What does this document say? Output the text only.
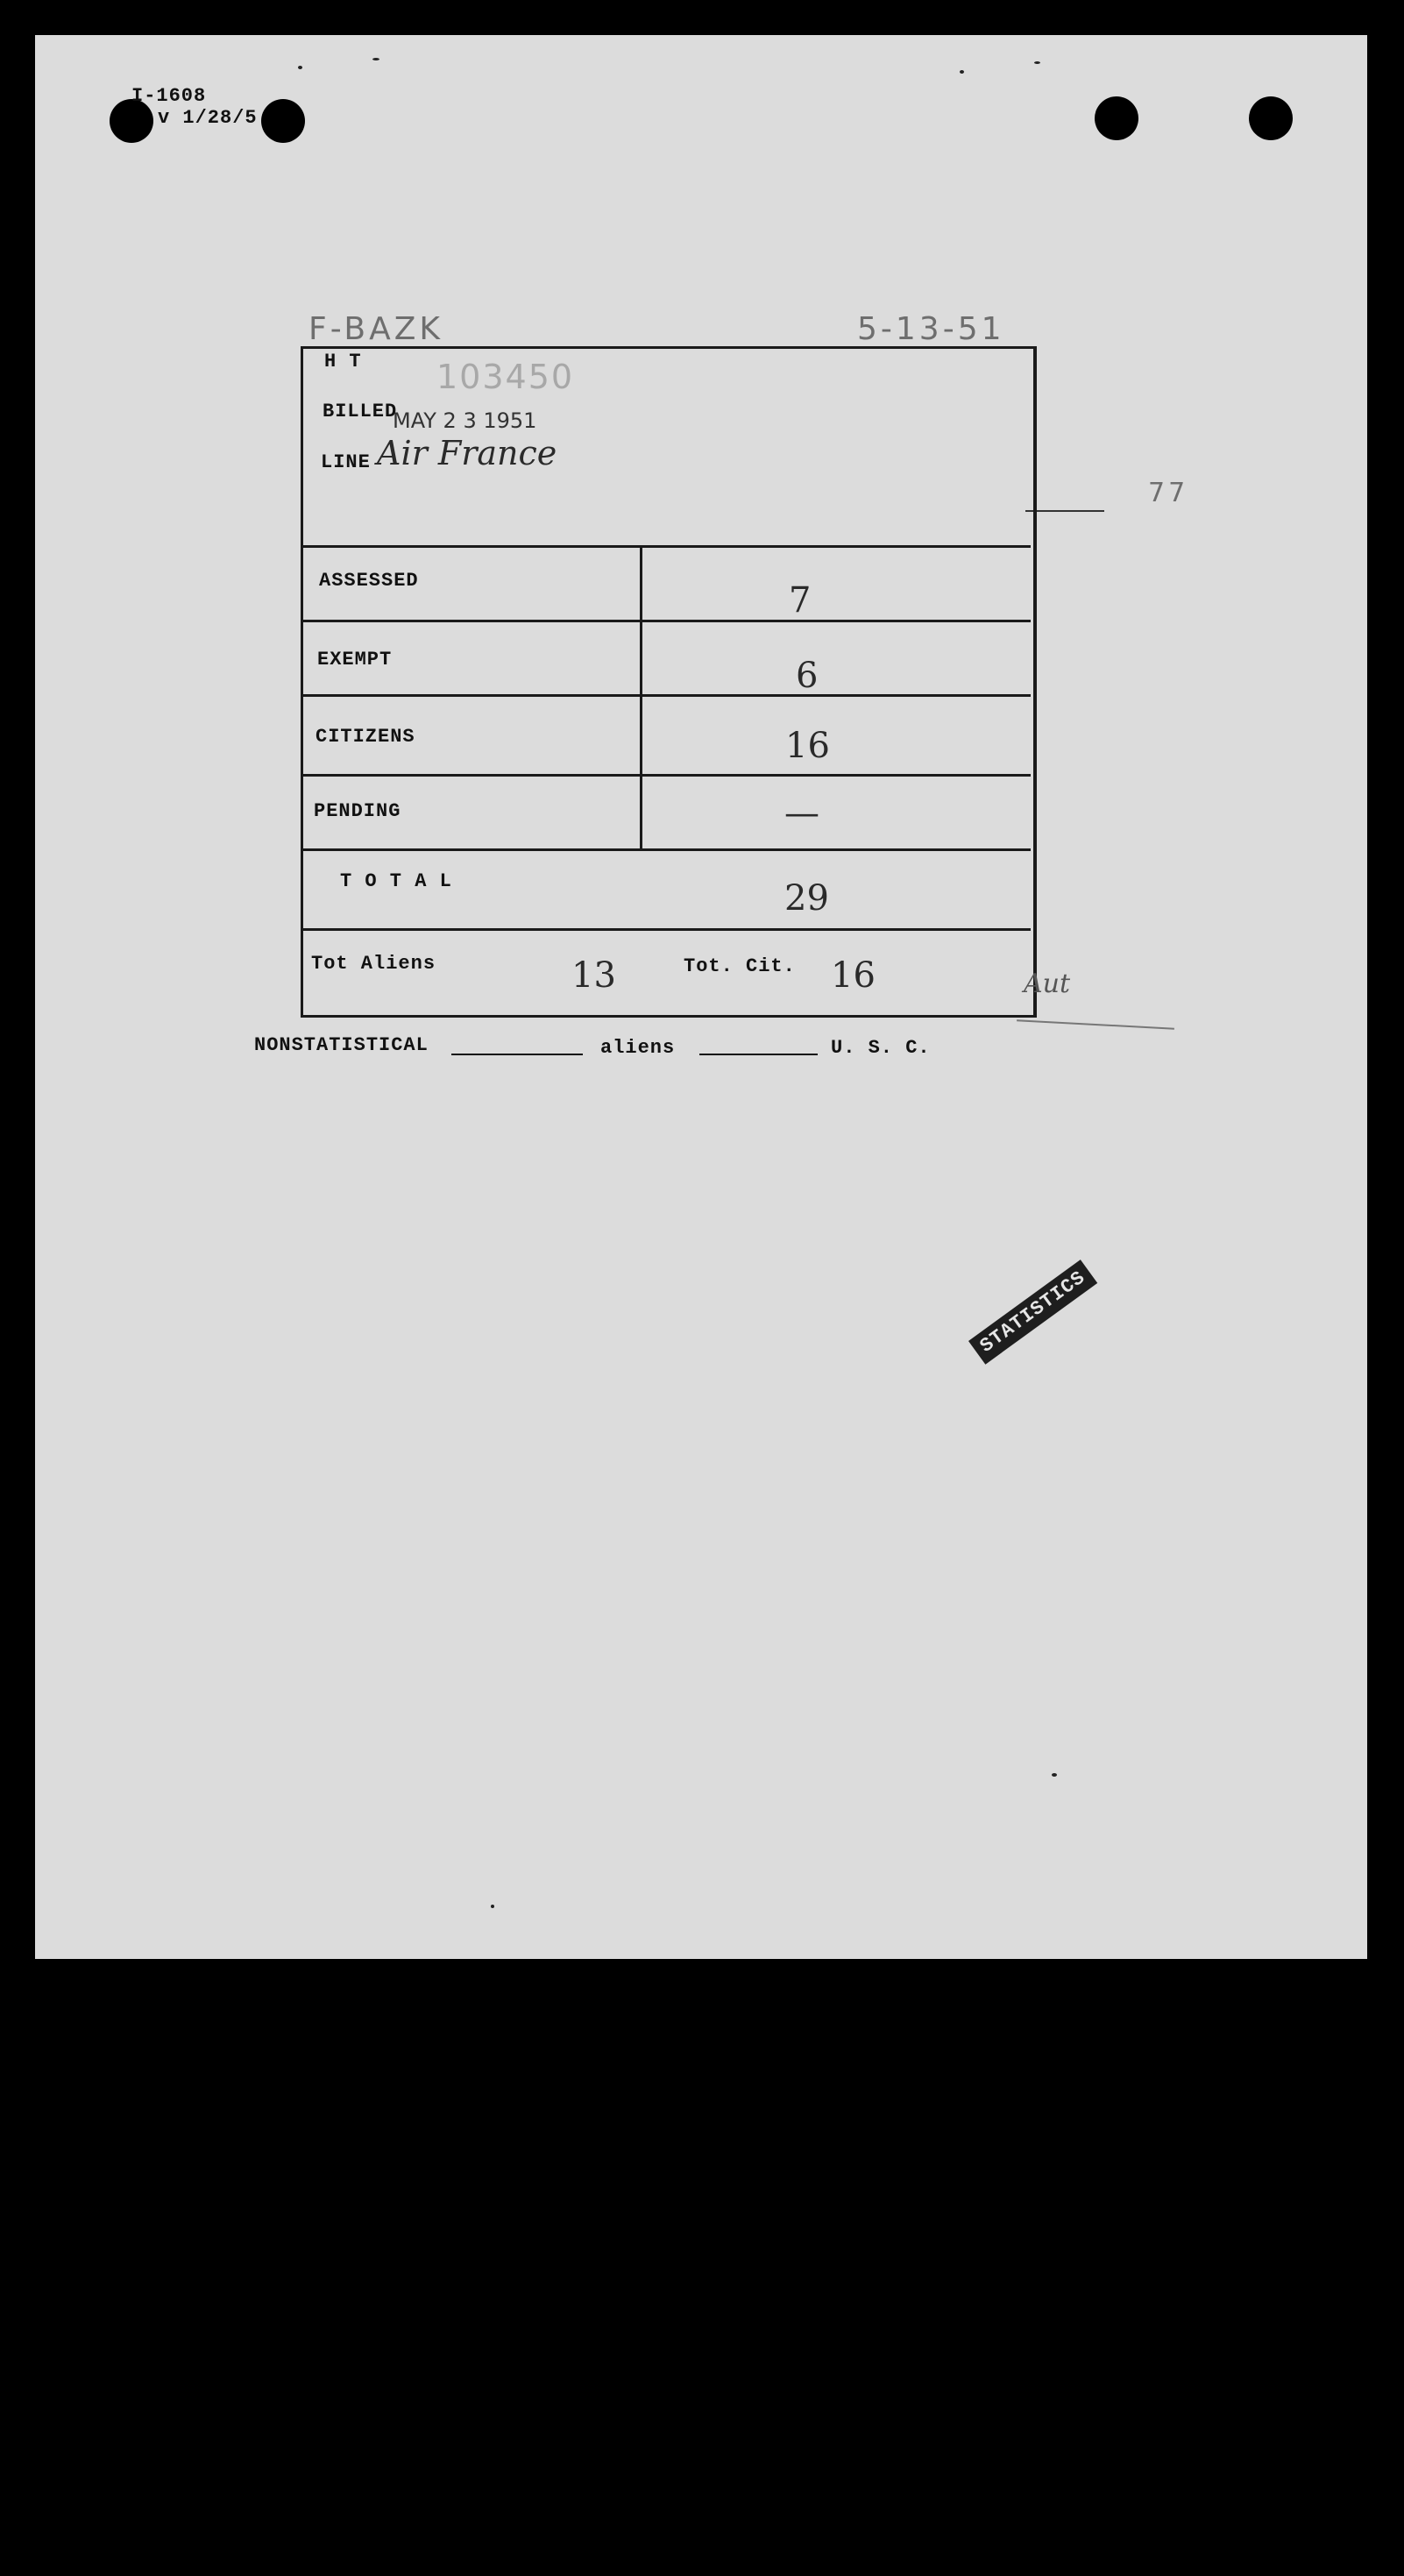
I-1608
v 1/28/5
F-BAZK	5-13-51
77
H T 103450
BILLED
MAY 2 3 1951
LINE Air France
ASSESSED	7
EXEMPT	6
CITIZENS	16
PENDING	—
T O T A L	29
Tot Aliens	13	Tot. Cit. 16	Aut
NONSTATISTICAL	aliens	U. S. C.
STATISTICS
